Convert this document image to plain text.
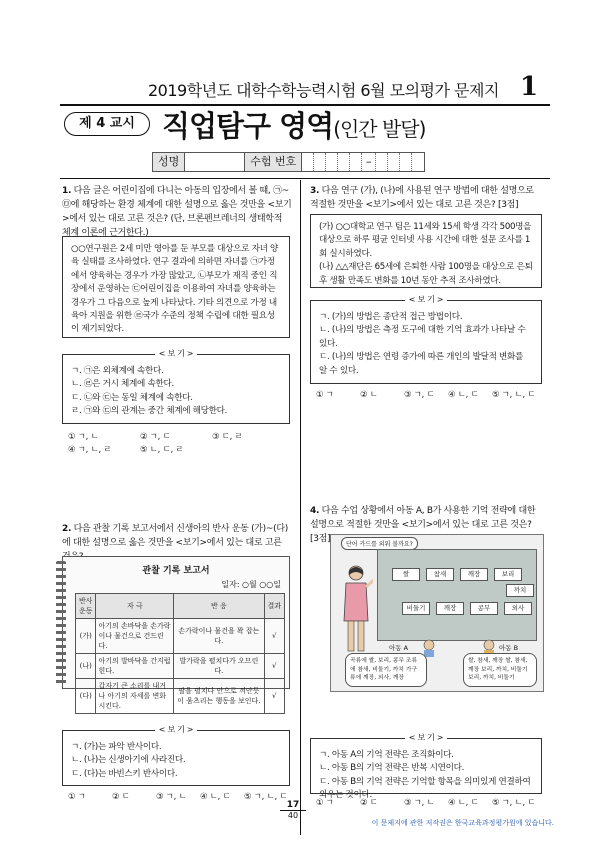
2019학년도 대학수학능력시험 6월 모의평가 문제지 1
제 4 교시 직업탐구 영역(인간 발달)
성명	수험 번호	–
1. 다음 글은 어린이집에 다니는 아동의 입장에서 볼 때, ㉠~㉤에 해당하는 환경 체계에 대한 설명으로 옳은 것만을 <보기>에서 있는 대로 고른 것은? (단, 브론펜브레너의 생태학적 체계 이론에 근거한다.)
○○연구원은 2세 미만 영아를 둔 부모를 대상으로 자녀 양육 실태를 조사하였다. 연구 결과에 의하면 자녀를 ㉠가정에서 양육하는 경우가 가장 많았고, ㉡부모가 재직 중인 직장에서 운영하는 ㉢어린이집을 이용하여 자녀를 양육하는 경우가 그 다음으로 높게 나타났다. 기타 의견으로 가정 내 육아 지원을 위한 ㉣국가 수준의 정책 수립에 대한 필요성이 제기되었다.
< 보 기 >
ㄱ. ㉠은 외체계에 속한다.
ㄴ. ㉣은 거시 체계에 속한다.
ㄷ. ㉡와 ㉢는 동일 체계에 속한다.
ㄹ. ㉠와 ㉢의 관계는 중간 체계에 해당한다.
① ㄱ, ㄴ	② ㄱ, ㄷ	③ ㄷ, ㄹ
④ ㄱ, ㄴ, ㄹ	⑤ ㄴ, ㄷ, ㄹ
2. 다음 관찰 기록 보고서에서 신생아의 반사 운동 (가)~(다)에 대한 설명으로 옳은 것만을 <보기>에서 있는 대로 고른
관찰 기록 보고서
일자: ○월 ○○일
반사 운동	자 극	반 응	결과
(가)	아기의 손바닥을 손가락이나 물건으로 건드린다.	손가락이나 물건을 꽉 잡는다.	√
(나)	아기의 발바닥을 간지럽힌다.	발가락을 펼치다가 오므린다.	√
(다)	갑자기 큰 소리를 내거나 아기의 자세를 변화시킨다.	팔을 펼치다 안으로 껴안듯이 움츠리는 행동을 보인다.	√
< 보 기 >
ㄱ. (가)는 파악 반사이다.
ㄴ. (나)는 신생아기에 사라진다.
ㄷ. (다)는 바빈스키 반사이다.
① ㄱ	② ㄷ	③ ㄱ, ㄴ ④ ㄴ, ㄷ ⑤ ㄱ, ㄴ, ㄷ
3. 다음 연구 (가), (나)에 사용된 연구 방법에 대한 설명으로 적절한 것만을 <보기>에서 있는 대로 고른 것은? [3점]
(가) ○○대학교 연구 팀은 11세와 15세 학생 각각 500명을 대상으로 하루 평균 인터넷 사용 시간에 대한 설문 조사를 1회 실시하였다.
(나) △△재단은 65세에 은퇴한 사람 100명을 대상으로 은퇴 후 생활 만족도 변화를 10년 동안 추적 조사하였다.
< 보 기 >
ㄱ. (가)의 방법은 종단적 접근 방법이다.
ㄴ. (나)의 방법은 측정 도구에 대한 기억 효과가 나타날 수 있다.
ㄷ. (나)의 방법은 연령 증가에 따른 개인의 발달적 변화를 알 수 있다.
① ㄱ	② ㄴ	③ ㄱ, ㄷ ④ ㄴ, ㄷ ⑤ ㄱ, ㄴ, ㄷ
4. 다음 수업 상황에서 아동 A, B가 사용한 기억 전략에 대한 설명으로 적절한 것만을 <보기>에서 있는 대로 고른 것은? [3점]
단어 카드를 외워 볼까요?
쌀	참새	깨장	보리
까치
비둘기	깨장	콩무	외사
아동 A	아동 B
곡류에 쌀, 보리, 콩무 조류에 참새, 비둘기, 까치 가구류에 깨장, 외사, 깨장
쌀, 참새, 깨장 쌀, 참새, 깨장 보리, 까치, 비둘기 보리, 까치, 비둘기
< 보 기 >
ㄱ. 아동 A의 기억 전략은 조직화이다.
ㄴ. 아동 B의 기억 전략은 반복 시연이다.
ㄷ. 아동 B의 기억 전략은 기억할 항목을 의미있게 연결하여 외우는 것이다.
① ㄱ	② ㄷ	③ ㄱ, ㄴ ④ ㄴ, ㄷ ⑤ ㄱ, ㄴ, ㄷ
17
40
이 문제지에 관한 저작권은 한국교육과정평가원에 있습니다.
